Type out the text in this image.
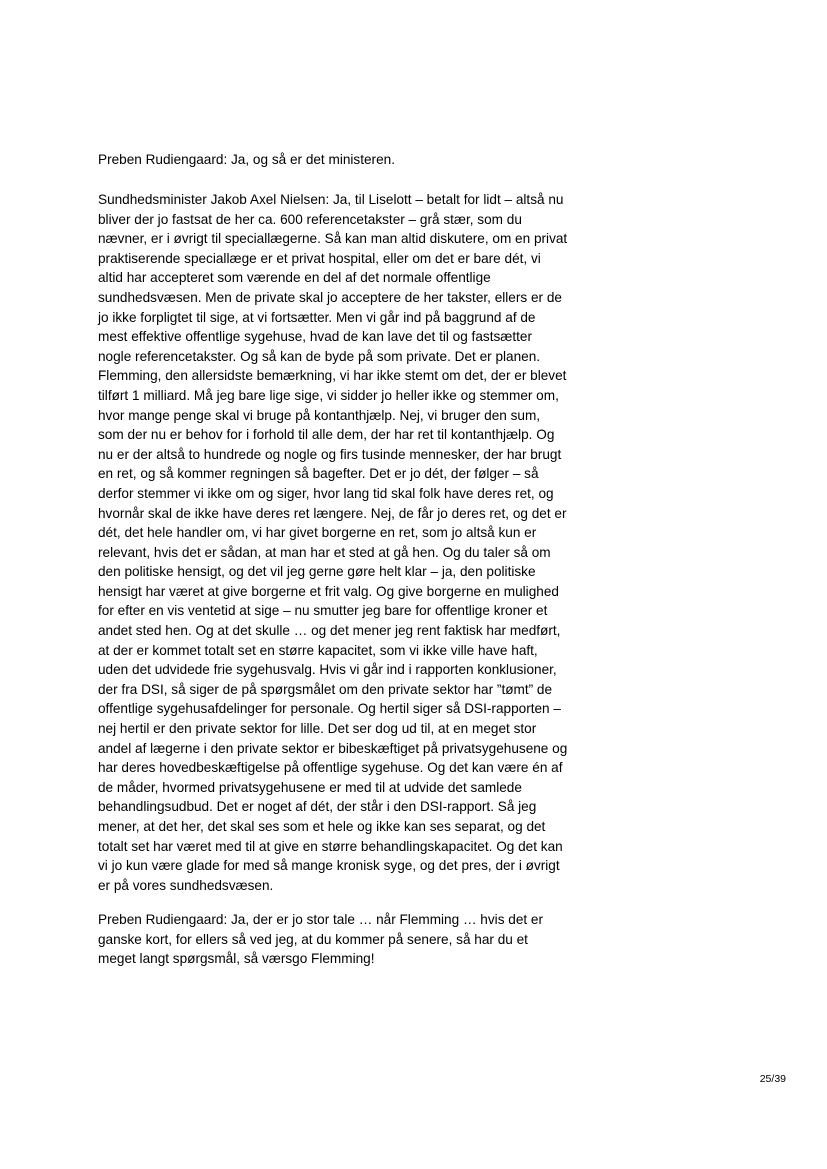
Preben Rudiengaard: Ja, og så er det ministeren.
Sundhedsminister Jakob Axel Nielsen: Ja, til Liselott – betalt for lidt – altså nu
bliver der jo fastsat de her ca. 600 referencetakster – grå stær, som du
nævner, er i øvrigt til speciallægerne. Så kan man altid diskutere, om en privat
praktiserende speciallæge er et privat hospital, eller om det er bare dét, vi
altid har accepteret som værende en del af det normale offentlige
sundhedsvæsen. Men de private skal jo acceptere de her takster, ellers er de
jo ikke forpligtet til sige, at vi fortsætter. Men vi går ind på baggrund af de
mest effektive offentlige sygehuse, hvad de kan lave det til og fastsætter
nogle referencetakster. Og så kan de byde på som private. Det er planen.
Flemming, den allersidste bemærkning, vi har ikke stemt om det, der er blevet
tilført 1 milliard. Må jeg bare lige sige, vi sidder jo heller ikke og stemmer om,
hvor mange penge skal vi bruge på kontanthjælp. Nej, vi bruger den sum,
som der nu er behov for i forhold til alle dem, der har ret til kontanthjælp. Og
nu er der altså to hundrede og nogle og firs tusinde mennesker, der har brugt
en ret, og så kommer regningen så bagefter. Det er jo dét, der følger – så
derfor stemmer vi ikke om og siger, hvor lang tid skal folk have deres ret, og
hvornår skal de ikke have deres ret længere. Nej, de får jo deres ret, og det er
dét, det hele handler om, vi har givet borgerne en ret, som jo altså kun er
relevant, hvis det er sådan, at man har et sted at gå hen. Og du taler så om
den politiske hensigt, og det vil jeg gerne gøre helt klar – ja, den politiske
hensigt har været at give borgerne et frit valg. Og give borgerne en mulighed
for efter en vis ventetid at sige – nu smutter jeg bare for offentlige kroner et
andet sted hen. Og at det skulle … og det mener jeg rent faktisk har medført,
at der er kommet totalt set en større kapacitet, som vi ikke ville have haft,
uden det udvidede frie sygehusvalg. Hvis vi går ind i rapporten konklusioner,
der fra DSI, så siger de på spørgsmålet om den private sektor har ”tømt” de
offentlige sygehusafdelinger for personale. Og hertil siger så DSI-rapporten –
nej hertil er den private sektor for lille. Det ser dog ud til, at en meget stor
andel af lægerne i den private sektor er bibeskæftiget på privatsygehusene og
har deres hovedbeskæftigelse på offentlige sygehuse. Og det kan være én af
de måder, hvormed privatsygehusene er med til at udvide det samlede
behandlingsudbud. Det er noget af dét, der står i den DSI-rapport. Så jeg
mener, at det her, det skal ses som et hele og ikke kan ses separat, og det
totalt set har været med til at give en større behandlingskapacitet. Og det kan
vi jo kun være glade for med så mange kronisk syge, og det pres, der i øvrigt
er på vores sundhedsvæsen.
Preben Rudiengaard: Ja, der er jo stor tale … når Flemming … hvis det er
ganske kort, for ellers så ved jeg, at du kommer på senere, så har du et
meget langt spørgsmål, så værsgo Flemming!
25/39
